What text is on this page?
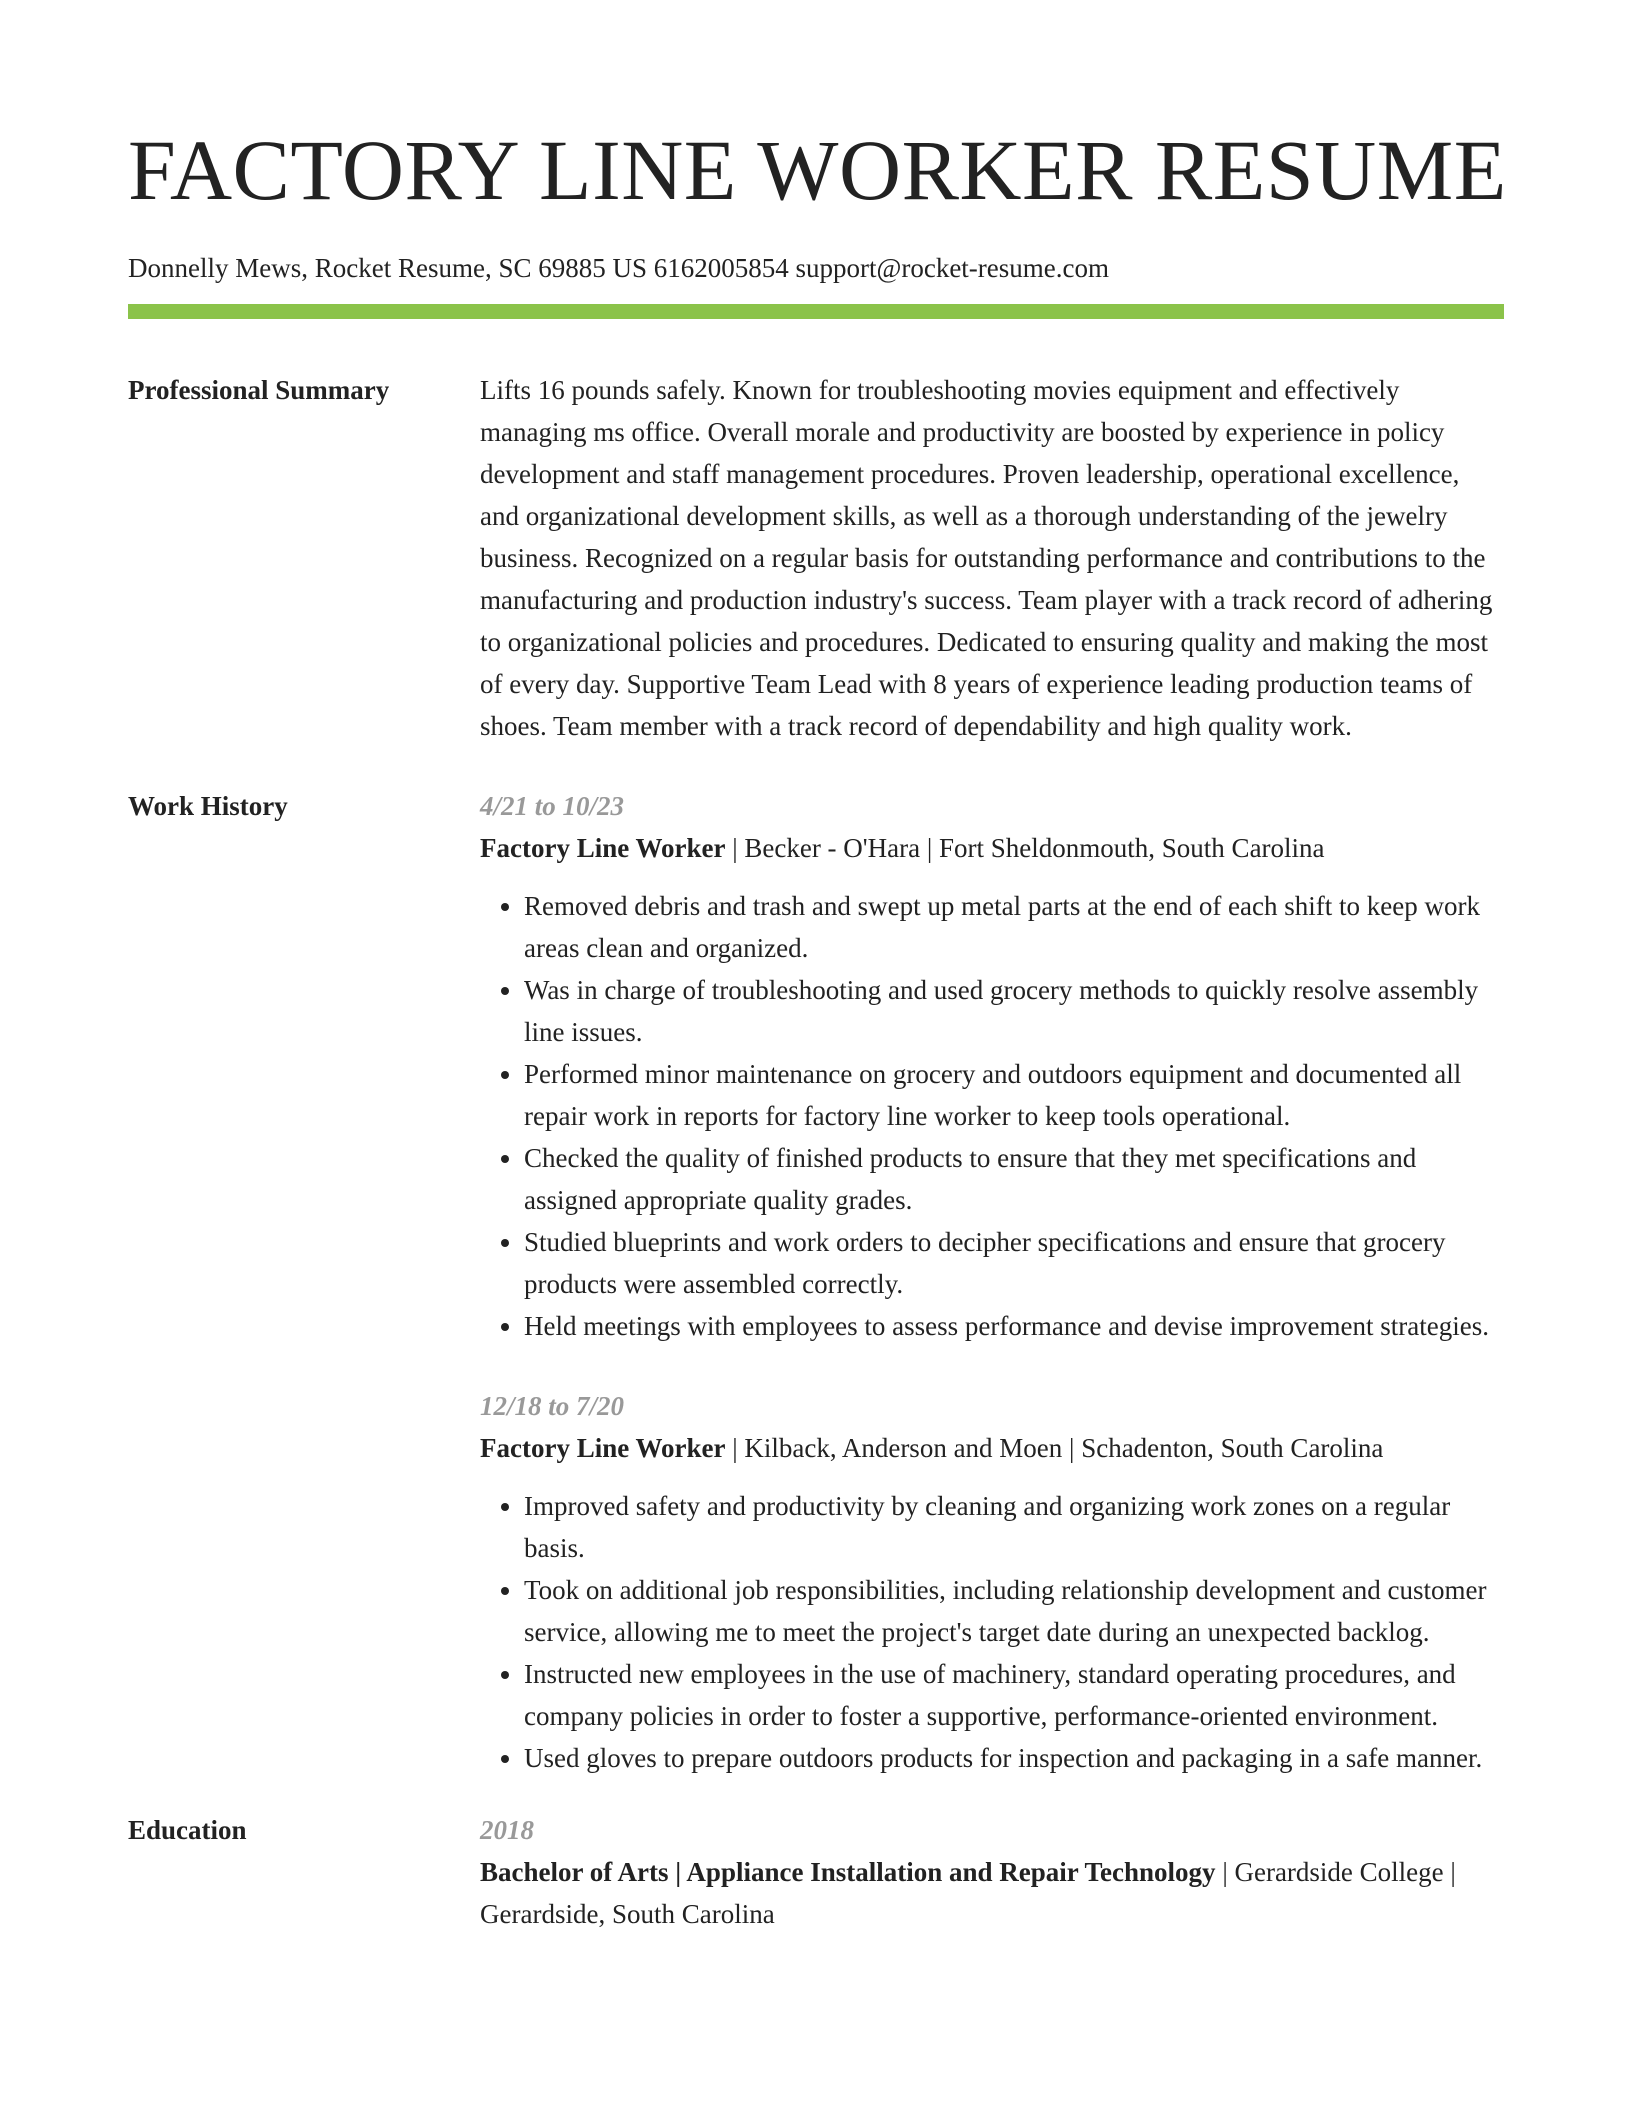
FACTORY LINE WORKER RESUME
Donnelly Mews, Rocket Resume, SC 69885 US 6162005854 support@rocket-resume.com
Professional Summary	Lifts 16 pounds safely. Known for troubleshooting movies equipment and effectively managing ms office. Overall morale and productivity are boosted by experience in policy development and staff management procedures. Proven leadership, operational excellence, and organizational development skills, as well as a thorough understanding of the jewelry business. Recognized on a regular basis for outstanding performance and contributions to the manufacturing and production industry's success. Team player with a track record of adhering to organizational policies and procedures. Dedicated to ensuring quality and making the most of every day. Supportive Team Lead with 8 years of experience leading production teams of shoes. Team member with a track record of dependability and high quality work.
Work History	4/21 to 10/23
Factory Line Worker | Becker - O'Hara | Fort Sheldonmouth, South Carolina
• Removed debris and trash and swept up metal parts at the end of each shift to keep work areas clean and organized.
• Was in charge of troubleshooting and used grocery methods to quickly resolve assembly line issues.
• Performed minor maintenance on grocery and outdoors equipment and documented all repair work in reports for factory line worker to keep tools operational.
• Checked the quality of finished products to ensure that they met specifications and assigned appropriate quality grades.
• Studied blueprints and work orders to decipher specifications and ensure that grocery products were assembled correctly.
• Held meetings with employees to assess performance and devise improvement strategies.
12/18 to 7/20
Factory Line Worker | Kilback, Anderson and Moen | Schadenton, South Carolina
• Improved safety and productivity by cleaning and organizing work zones on a regular basis.
• Took on additional job responsibilities, including relationship development and customer service, allowing me to meet the project's target date during an unexpected backlog.
• Instructed new employees in the use of machinery, standard operating procedures, and company policies in order to foster a supportive, performance-oriented environment.
• Used gloves to prepare outdoors products for inspection and packaging in a safe manner.
Education	2018
Bachelor of Arts | Appliance Installation and Repair Technology | Gerardside College | Gerardside, South Carolina
